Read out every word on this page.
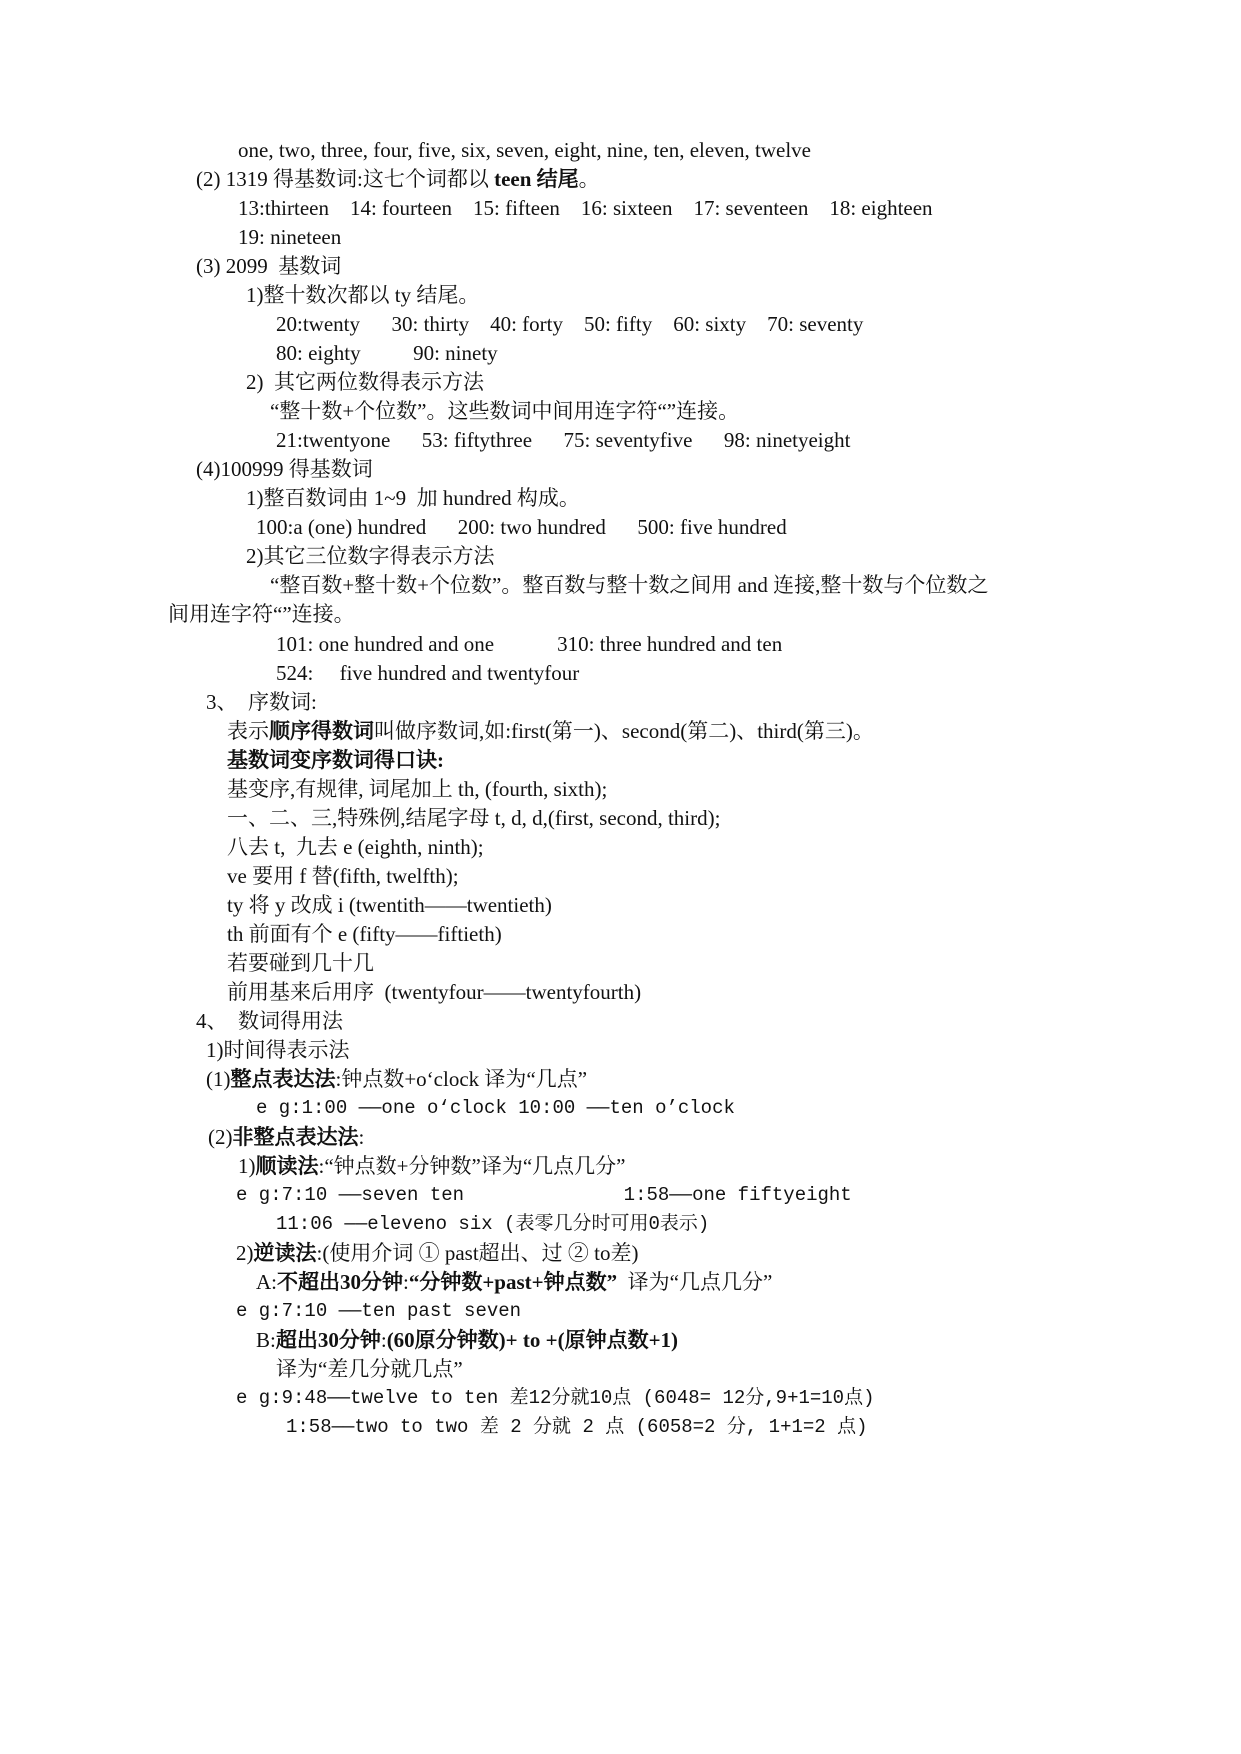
one, two, three, four, five, six, seven, eight, nine, ten, eleven, twelve
(2) 1319 得基数词:这七个词都以 teen 结尾。
13:thirteen    14: fourteen    15: fifteen    16: sixteen    17: seventeen    18: eighteen
19: nineteen
(3) 2099  基数词
1)整十数次都以 ty 结尾。
20:twenty      30: thirty    40: forty    50: fifty    60: sixty    70: seventy
80: eighty          90: ninety
2)  其它两位数得表示方法
“整十数+个位数”。这些数词中间用连字符“”连接。
21:twentyone      53: fiftythree      75: seventyfive      98: ninetyeight
(4)100999 得基数词
1)整百数词由 1~9  加 hundred 构成。
100:a (one) hundred      200: two hundred      500: five hundred
2)其它三位数字得表示方法
“整百数+整十数+个位数”。整百数与整十数之间用 and 连接,整十数与个位数之
间用连字符“”连接。
101: one hundred and one            310: three hundred and ten
524:     five hundred and twentyfour
3、  序数词:
表示顺序得数词叫做序数词,如:first(第一)、second(第二)、third(第三)。
基数词变序数词得口诀:
基变序,有规律, 词尾加上 th, (fourth, sixth);
一、二、三,特殊例,结尾字母 t, d, d,(first, second, third);
八去 t,  九去 e (eighth, ninth);
ve 要用 f 替(fifth, twelfth);
ty 将 y 改成 i (twentith——twentieth)
th 前面有个 e (fifty——fiftieth)
若要碰到几十几
前用基来后用序  (twentyfour——twentyfourth)
4、  数词得用法
1)时间得表示法
(1)整点表达法:钟点数+o‘clock 译为“几点”
e g:1:00 ——one o‘clock 10:00 ——ten o’clock
(2)非整点表达法:
1)顺读法:“钟点数+分钟数”译为“几点几分”
e g:7:10 ——seven ten              1:58——one fiftyeight
11:06 ——eleveno six (表零几分时可用0表示)
2)逆读法:(使用介词 ① past超出、过 ② to差)
A:不超出30分钟:“分钟数+past+钟点数”  译为“几点几分”
e g:7:10 ——ten past seven
B:超出30分钟:(60原分钟数)+ to +(原钟点数+1)
译为“差几分就几点”
e g:9:48——twelve to ten 差12分就10点 (6048= 12分,9+1=10点)
1:58——two to two 差 2 分就 2 点 (6058=2 分, 1+1=2 点)
